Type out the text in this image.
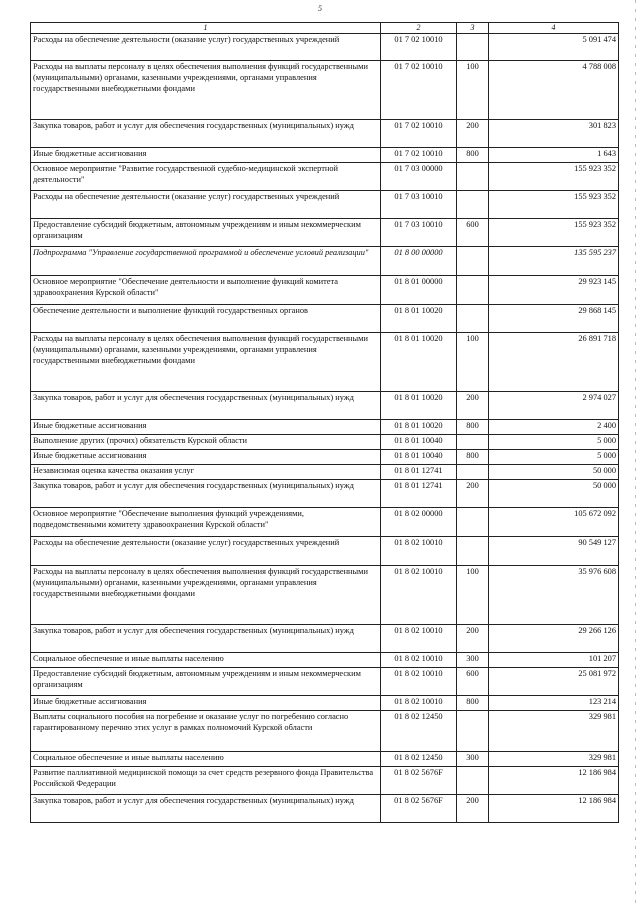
5
1	2	3	4
Расходы на обеспечение деятельности (оказание услуг) государственных учреждений	01 7 02 10010		5 091 474
Расходы на выплаты персоналу в целях обеспечения выполнения функций государственными (муниципальными) органами, казенными учреждениями, органами управления государственными внебюджетными фондами	01 7 02 10010	100	4 788 008
Закупка товаров, работ и услуг для обеспечения государственных (муниципальных) нужд	01 7 02 10010	200	301 823
Иные бюджетные ассигнования	01 7 02 10010	800	1 643
Основное мероприятие "Развитие государственной судебно-медицинской экспертной деятельности"	01 7 03 00000		155 923 352
Расходы на обеспечение деятельности (оказание услуг) государственных учреждений	01 7 03 10010		155 923 352
Предоставление субсидий бюджетным, автономным учреждениям и иным некоммерческим организациям	01 7 03 10010	600	155 923 352
Подпрограмма "Управление государственной программой и обеспечение условий реализации"	01 8 00 00000		135 595 237
Основное мероприятие "Обеспечение деятельности и выполнение функций комитета здравоохранения Курской области"	01 8 01 00000		29 923 145
Обеспечение деятельности и выполнение функций государственных органов	01 8 01 10020		29 868 145
Расходы на выплаты персоналу в целях обеспечения выполнения функций государственными (муниципальными) органами, казенными учреждениями, органами управления государственными внебюджетными фондами	01 8 01 10020	100	26 891 718
Закупка товаров, работ и услуг для обеспечения государственных (муниципальных) нужд	01 8 01 10020	200	2 974 027
Иные бюджетные ассигнования	01 8 01 10020	800	2 400
Выполнение других (прочих) обязательств Курской области	01 8 01 10040		5 000
Иные бюджетные ассигнования	01 8 01 10040	800	5 000
Независимая оценка качества оказания услуг	01 8 01 12741		50 000
Закупка товаров, работ и услуг для обеспечения государственных (муниципальных) нужд	01 8 01 12741	200	50 000
Основное мероприятие "Обеспечение выполнения функций учреждениями, подведомственными комитету здравоохранения Курской области"	01 8 02 00000		105 672 092
Расходы на обеспечение деятельности (оказание услуг) государственных учреждений	01 8 02 10010		90 549 127
Расходы на выплаты персоналу в целях обеспечения выполнения функций государственными (муниципальными) органами, казенными учреждениями, органами управления государственными внебюджетными фондами	01 8 02 10010	100	35 976 608
Закупка товаров, работ и услуг для обеспечения государственных (муниципальных) нужд	01 8 02 10010	200	29 266 126
Социальное обеспечение и иные выплаты населению	01 8 02 10010	300	101 207
Предоставление субсидий бюджетным, автономным учреждениям и иным некоммерческим организациям	01 8 02 10010	600	25 081 972
Иные бюджетные ассигнования	01 8 02 10010	800	123 214
Выплаты социального пособия на погребение и оказание услуг по погребению согласно гарантированному перечню этих услуг в рамках полномочий Курской области	01 8 02 12450		329 981
Социальное обеспечение и иные выплаты населению	01 8 02 12450	300	329 981
Развитие паллиативной медицинской помощи за счет средств резервного фонда Правительства Российской Федерации	01 8 02 5676F		12 186 984
Закупка товаров, работ и услуг для обеспечения государственных (муниципальных) нужд	01 8 02 5676F	200	12 186 984
